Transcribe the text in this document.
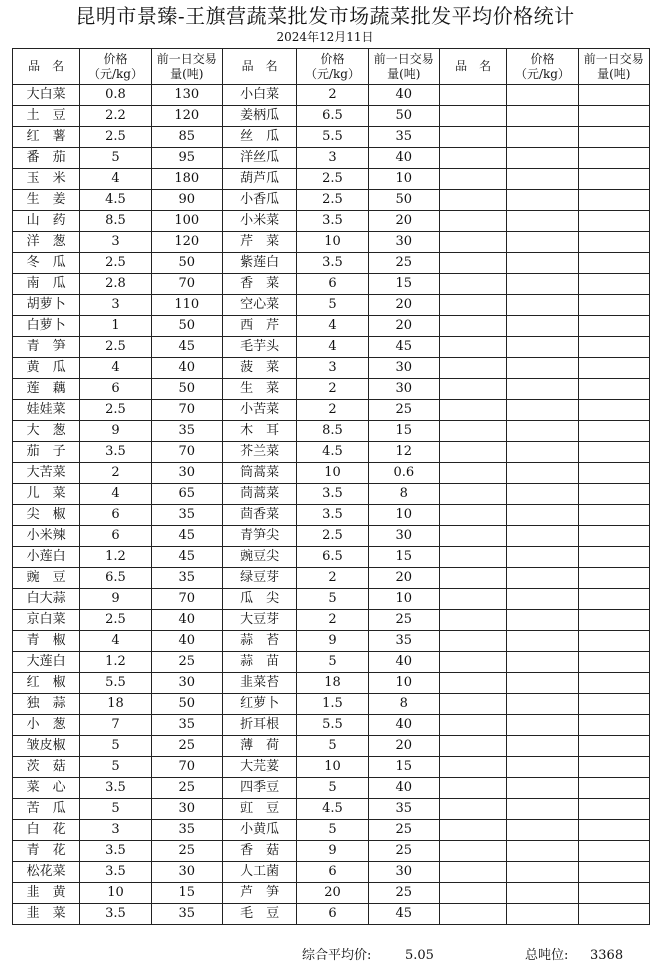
昆明市景臻-王旗营蔬菜批发市场蔬菜批发平均价格统计
2024年12月11日
品　名	价格（元/kg）	前一日交易量(吨)	品　名	价格（元/kg）	前一日交易量(吨)	品　名	价格（元/kg）	前一日交易量(吨)
大白菜	0.8	130	小白菜	2	40			
土　豆	2.2	120	姜柄瓜	6.5	50			
红　薯	2.5	85	丝　瓜	5.5	35			
番　茄	5	95	洋丝瓜	3	40			
玉　米	4	180	葫芦瓜	2.5	10			
生　姜	4.5	90	小香瓜	2.5	50			
山　药	8.5	100	小米菜	3.5	20			
洋　葱	3	120	芹　菜	10	30			
冬　瓜	2.5	50	紫莲白	3.5	25			
南　瓜	2.8	70	香　菜	6	15			
胡萝卜	3	110	空心菜	5	20			
白萝卜	1	50	西　芹	4	20			
青　笋	2.5	45	毛芋头	4	45			
黄　瓜	4	40	菠　菜	3	30			
莲　藕	6	50	生　菜	2	30			
娃娃菜	2.5	70	小苦菜	2	25			
大　葱	9	35	木　耳	8.5	15			
茄　子	3.5	70	芥兰菜	4.5	12			
大苦菜	2	30	筒蒿菜	10	0.6			
儿　菜	4	65	茼蒿菜	3.5	8			
尖　椒	6	35	茴香菜	3.5	10			
小米辣	6	45	青笋尖	2.5	30			
小莲白	1.2	45	豌豆尖	6.5	15			
豌　豆	6.5	35	绿豆芽	2	20			
白大蒜	9	70	瓜　尖	5	10			
京白菜	2.5	40	大豆芽	2	25			
青　椒	4	40	蒜　苔	9	35			
大莲白	1.2	25	蒜　苗	5	40			
红　椒	5.5	30	韭菜苔	18	10			
独　蒜	18	50	红萝卜	1.5	8			
小　葱	7	35	折耳根	5.5	40			
皱皮椒	5	25	薄　荷	5	20			
茨　菇	5	70	大芫荽	10	15			
菜　心	3.5	25	四季豆	5	40			
苦　瓜	5	30	豇　豆	4.5	35			
白　花	3	35	小黄瓜	5	25			
青　花	3.5	25	香　菇	9	25			
松花菜	3.5	30	人工菌	6	30			
韭　黄	10	15	芦　笋	20	25			
韭　菜	3.5	35	毛　豆	6	45			
综合平均价:	5.05	总吨位: 3368
